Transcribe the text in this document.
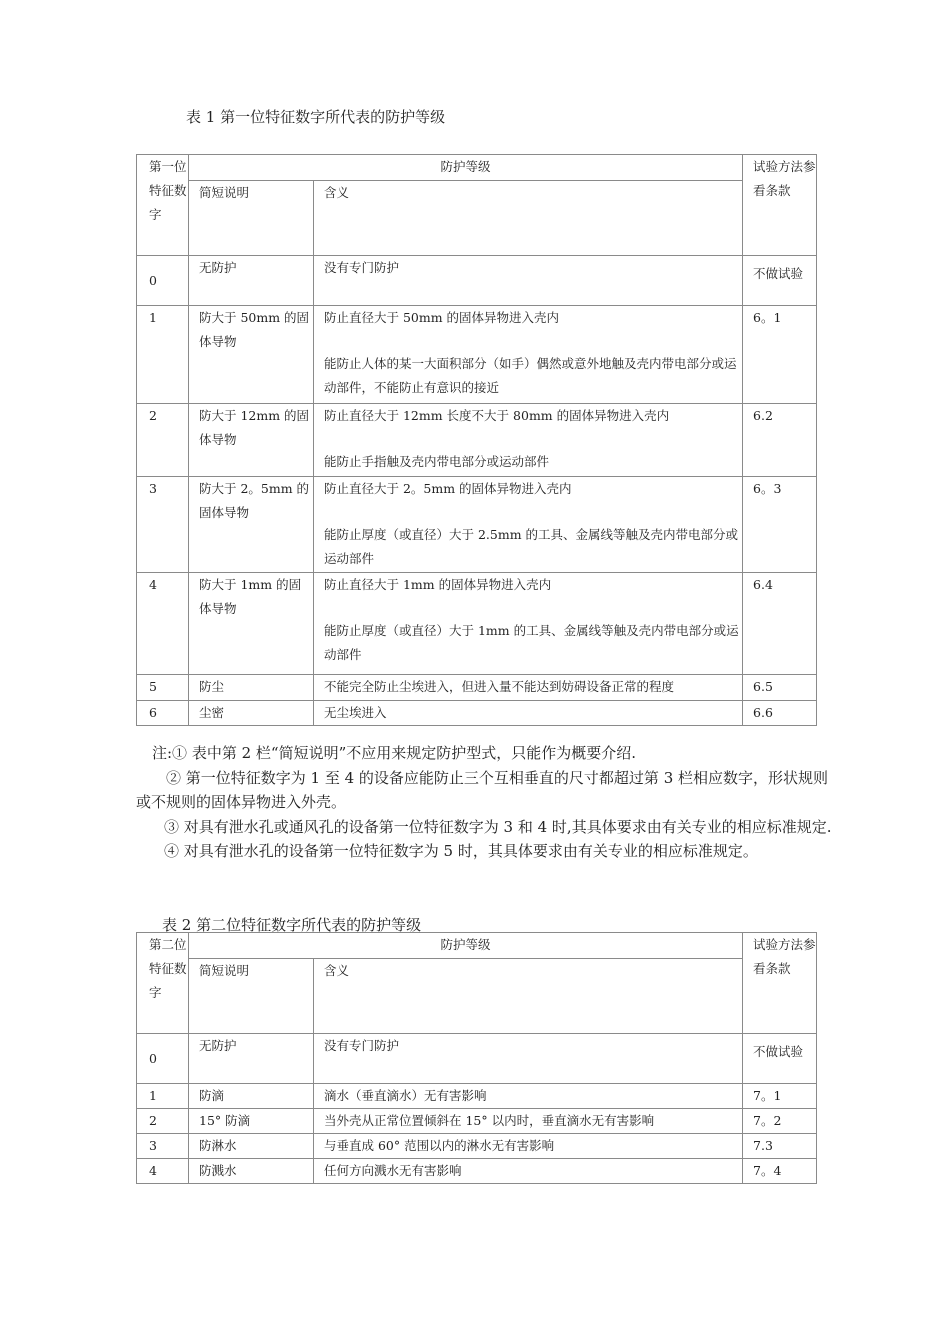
表 1 第一位特征数字所代表的防护等级
第一位特征数字	防护等级		试验方法参看条款
	简短说明	含义	
0	无防护	没有专门防护	不做试验
1	防大于 50mm 的固体导物	防止直径大于 50mm 的固体异物进入壳内
能防止人体的某一大面积部分（如手）偶然或意外地触及壳内带电部分或运动部件，不能防止有意识的接近	6。1
2	防大于 12mm 的固体导物	防止直径大于 12mm 长度不大于 80mm 的固体异物进入壳内
能防止手指触及壳内带电部分或运动部件	6.2
3	防大于 2。5mm 的固体导物	防止直径大于 2。5mm 的固体异物进入壳内
能防止厚度（或直径）大于 2.5mm 的工具、金属线等触及壳内带电部分或运动部件	6。3
4	防大于 1mm 的固体导物	防止直径大于 1mm 的固体异物进入壳内
能防止厚度（或直径）大于 1mm 的工具、金属线等触及壳内带电部分或运动部件	6.4
5	防尘	不能完全防止尘埃进入，但进入量不能达到妨碍设备正常的程度	6.5
6	尘密	无尘埃进入	6.6

注:① 表中第 2 栏“简短说明”不应用来规定防护型式，只能作为概要介绍.

② 第一位特征数字为 1 至 4 的设备应能防止三个互相垂直的尺寸都超过第 3 栏相应数字，形状规则或不规则的固体异物进入外壳。

③ 对具有泄水孔或通风孔的设备第一位特征数字为 3 和 4 时,其具体要求由有关专业的相应标准规定.

④ 对具有泄水孔的设备第一位特征数字为 5 时，其具体要求由有关专业的相应标准规定。

表 2 第二位特征数字所代表的防护等级
第二位特征数字	防护等级		试验方法参看条款
	简短说明	含义	
0	无防护	没有专门防护	不做试验
1	防滴	滴水（垂直滴水）无有害影响	7。1
2	15° 防滴	当外壳从正常位置倾斜在 15° 以内时，垂直滴水无有害影响	7。2
3	防淋水	与垂直成 60° 范围以内的淋水无有害影响	7.3
4	防溅水	任何方向溅水无有害影响	7。4
